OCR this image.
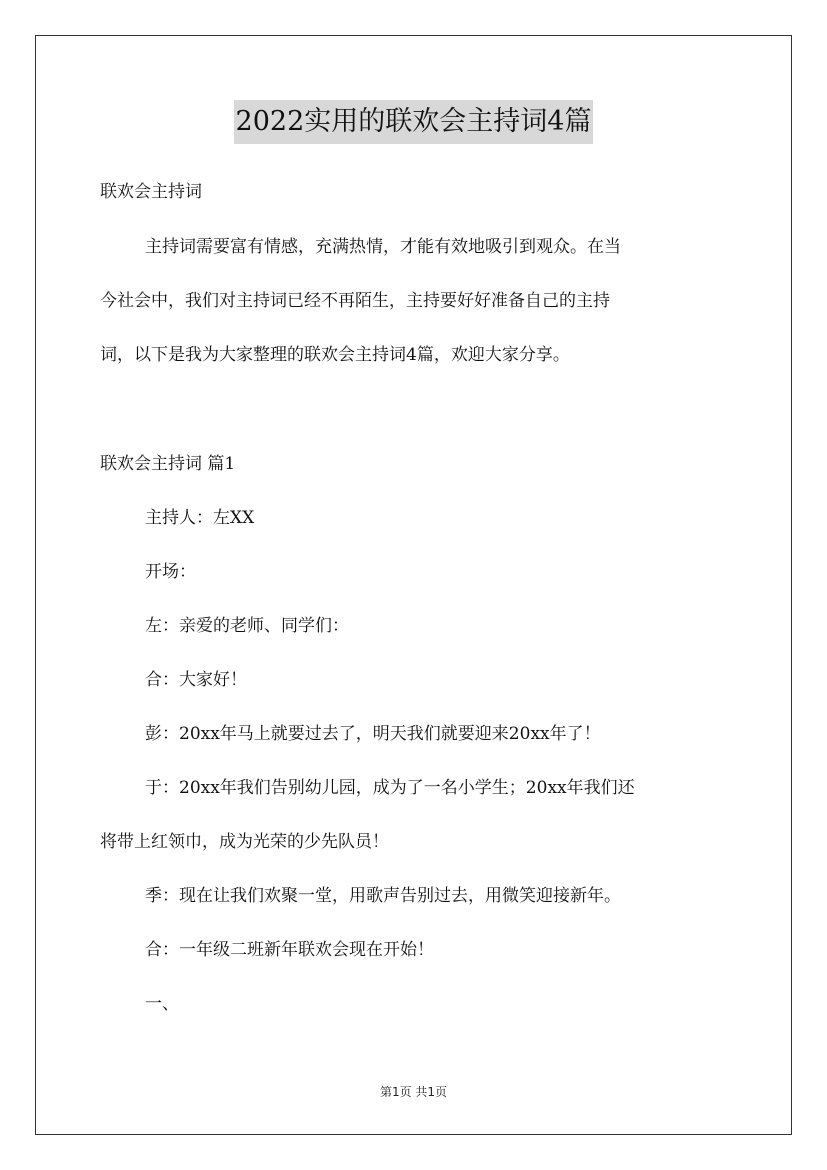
2022实用的联欢会主持词4篇
联欢会主持词
主持词需要富有情感，充满热情，才能有效地吸引到观众。在当
今社会中，我们对主持词已经不再陌生，主持要好好准备自己的主持
词，以下是我为大家整理的联欢会主持词4篇，欢迎大家分享。
联欢会主持词 篇1
主持人：左XX
开场：
左：亲爱的老师、同学们：
合：大家好！
彭：20xx年马上就要过去了，明天我们就要迎来20xx年了！
于：20xx年我们告别幼儿园，成为了一名小学生；20xx年我们还
将带上红领巾，成为光荣的少先队员！
季：现在让我们欢聚一堂，用歌声告别过去，用微笑迎接新年。
合：一年级二班新年联欢会现在开始！
一、
第1页 共1页
